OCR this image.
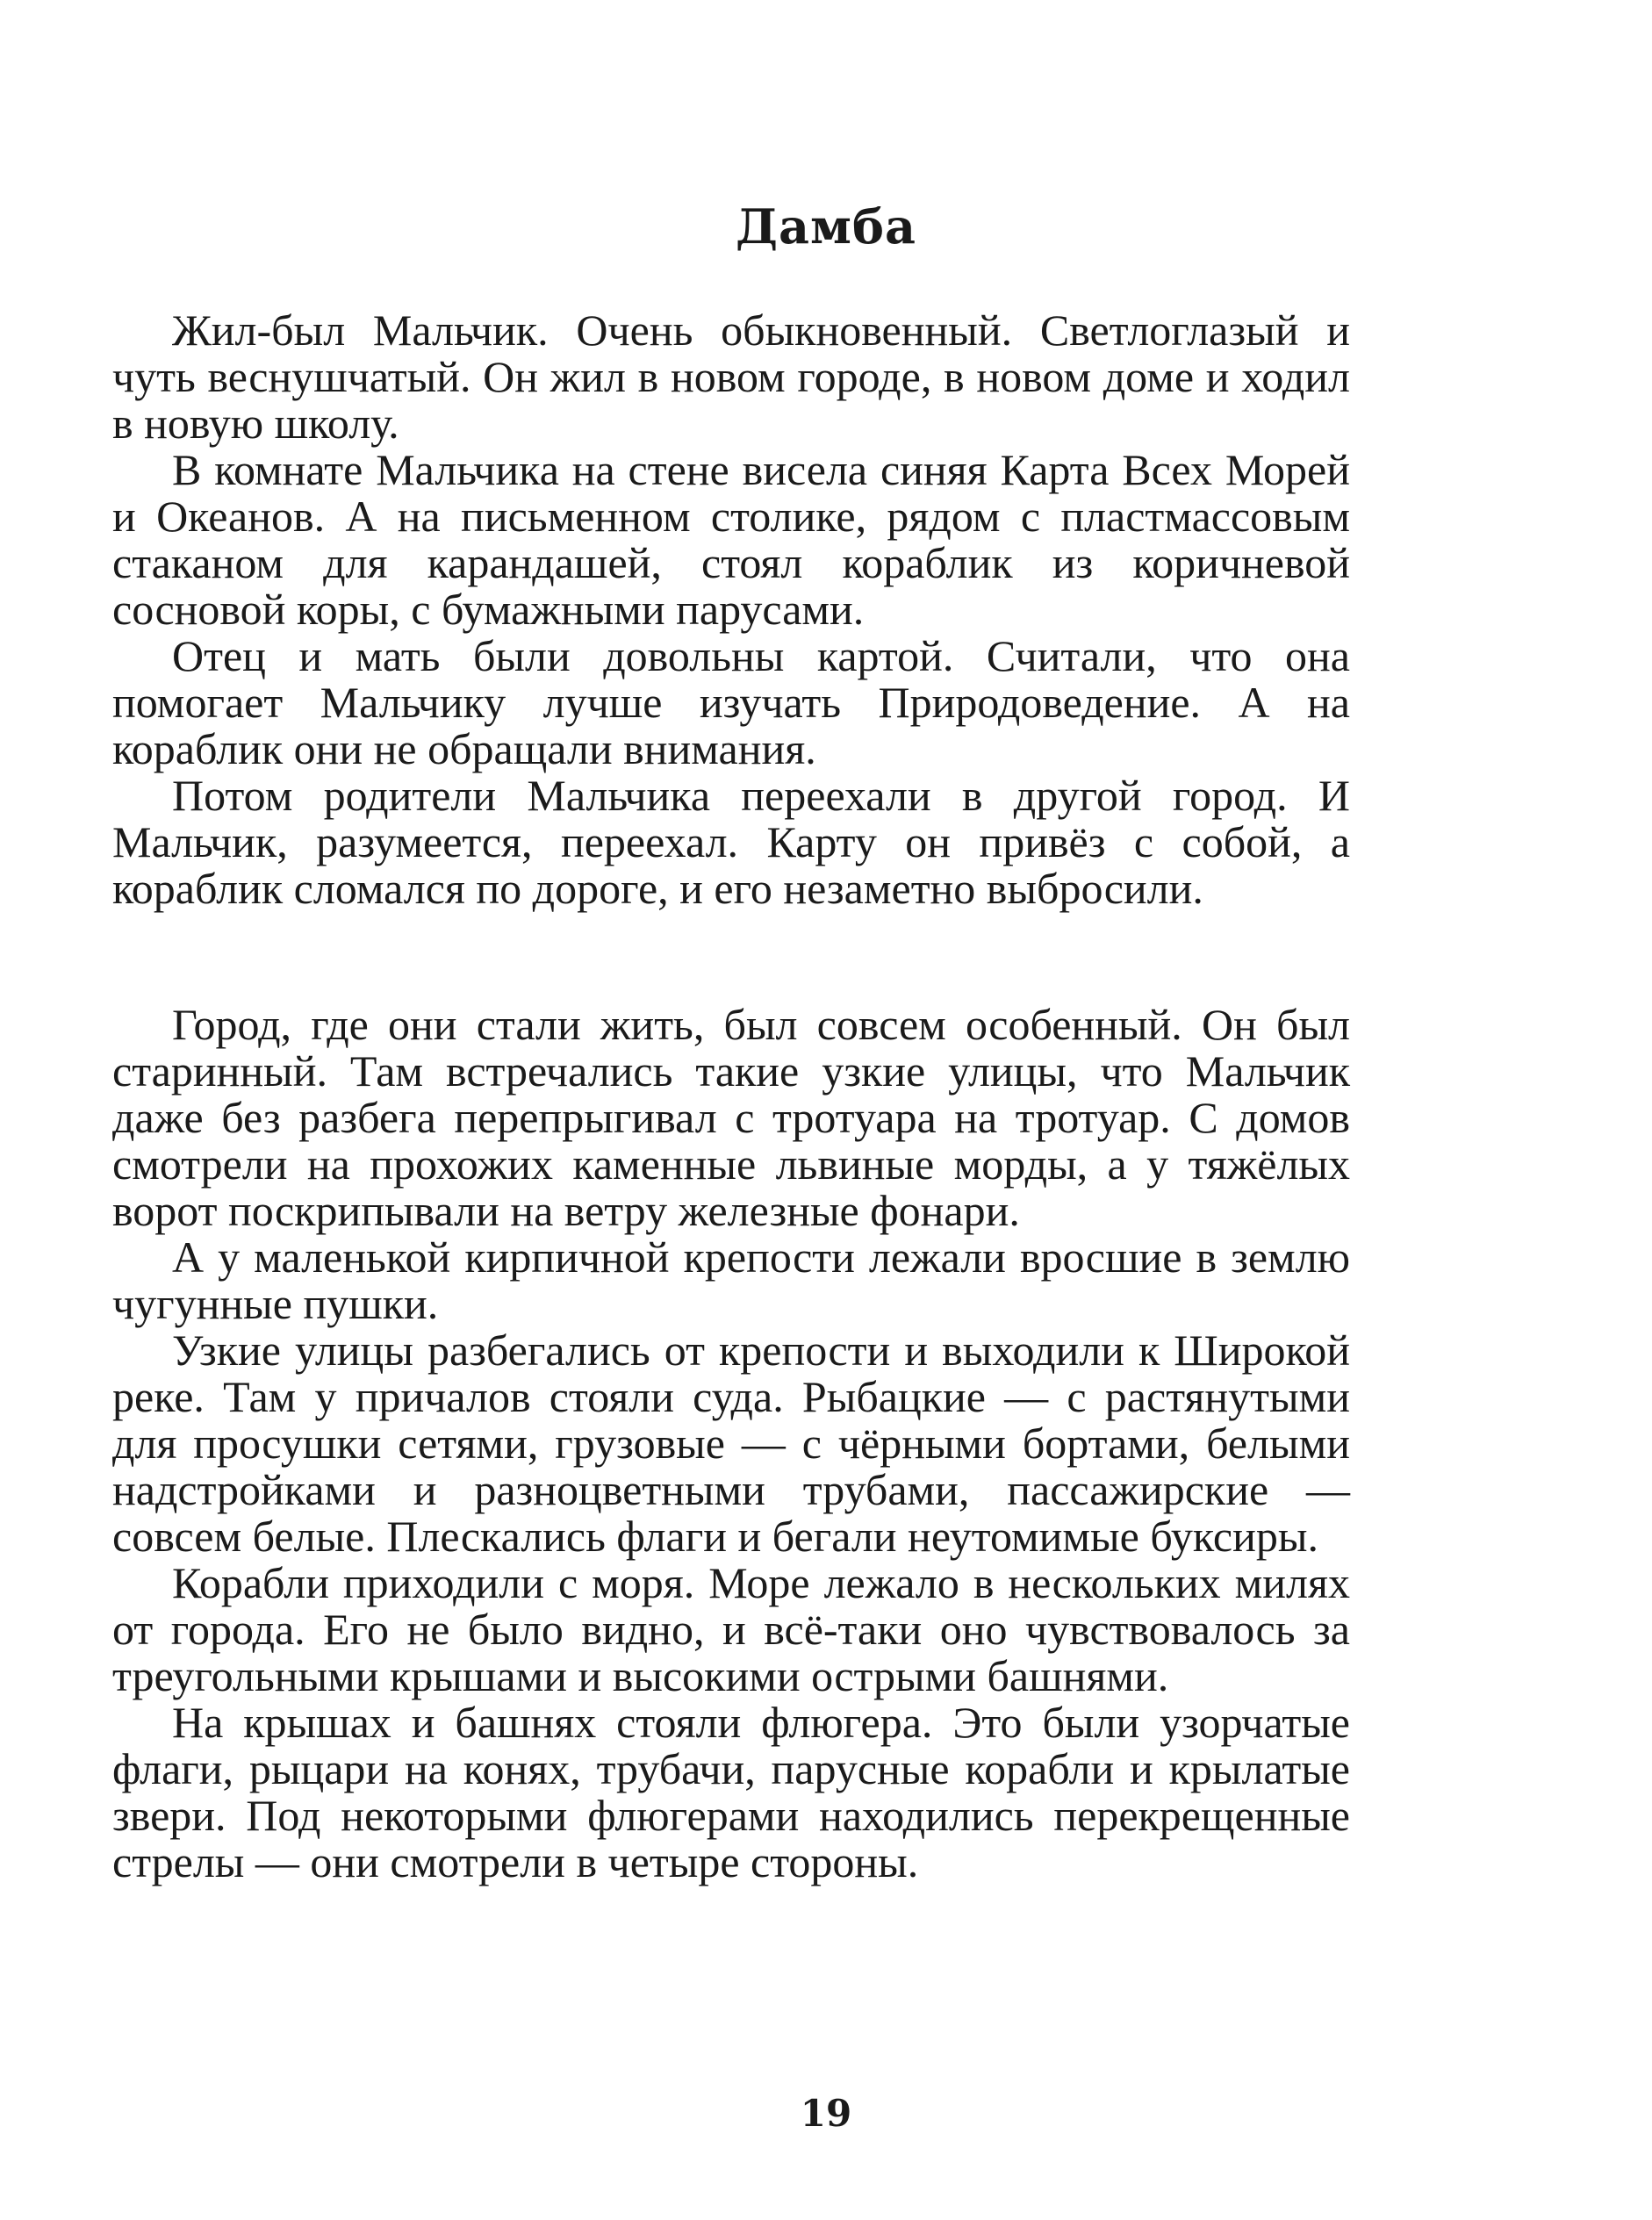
Дамба

Жил-был Мальчик. Очень обыкновенный. Светлоглазый и чуть веснушчатый. Он жил в новом городе, в новом доме и ходил в новую школу.

В комнате Мальчика на стене висела синяя Карта Всех Морей и Океанов. А на письменном столике, рядом с пластмассовым стаканом для карандашей, стоял кораблик из коричневой сосновой коры, с бумажными парусами.

Отец и мать были довольны картой. Считали, что она помогает Мальчику лучше изучать Природоведение. А на кораблик они не обращали внимания.

Потом родители Мальчика переехали в другой город. И Мальчик, разумеется, переехал. Карту он привёз с собой, а кораблик сломался по дороге, и его незаметно выбросили.

Город, где они стали жить, был совсем особенный. Он был старинный. Там встречались такие узкие улицы, что Мальчик даже без разбега перепрыгивал с тротуара на тротуар. С домов смотрели на прохожих каменные львиные морды, а у тяжёлых ворот поскрипывали на ветру железные фонари.

А у маленькой кирпичной крепости лежали вросшие в землю чугунные пушки.

Узкие улицы разбегались от крепости и выходили к Широкой реке. Там у причалов стояли суда. Рыбацкие — с растянутыми для просушки сетями, грузовые — с чёрными бортами, белыми надстройками и разноцветными трубами, пассажирские — совсем белые. Плескались флаги и бегали неутомимые буксиры.

Корабли приходили с моря. Море лежало в нескольких милях от города. Его не было видно, и всё-таки оно чувствовалось за треугольными крышами и высокими острыми башнями.

На крышах и башнях стояли флюгера. Это были узорчатые флаги, рыцари на конях, трубачи, парусные корабли и крылатые звери. Под некоторыми флюгерами находились перекрещенные стрелы — они смотрели в четыре стороны.

19
